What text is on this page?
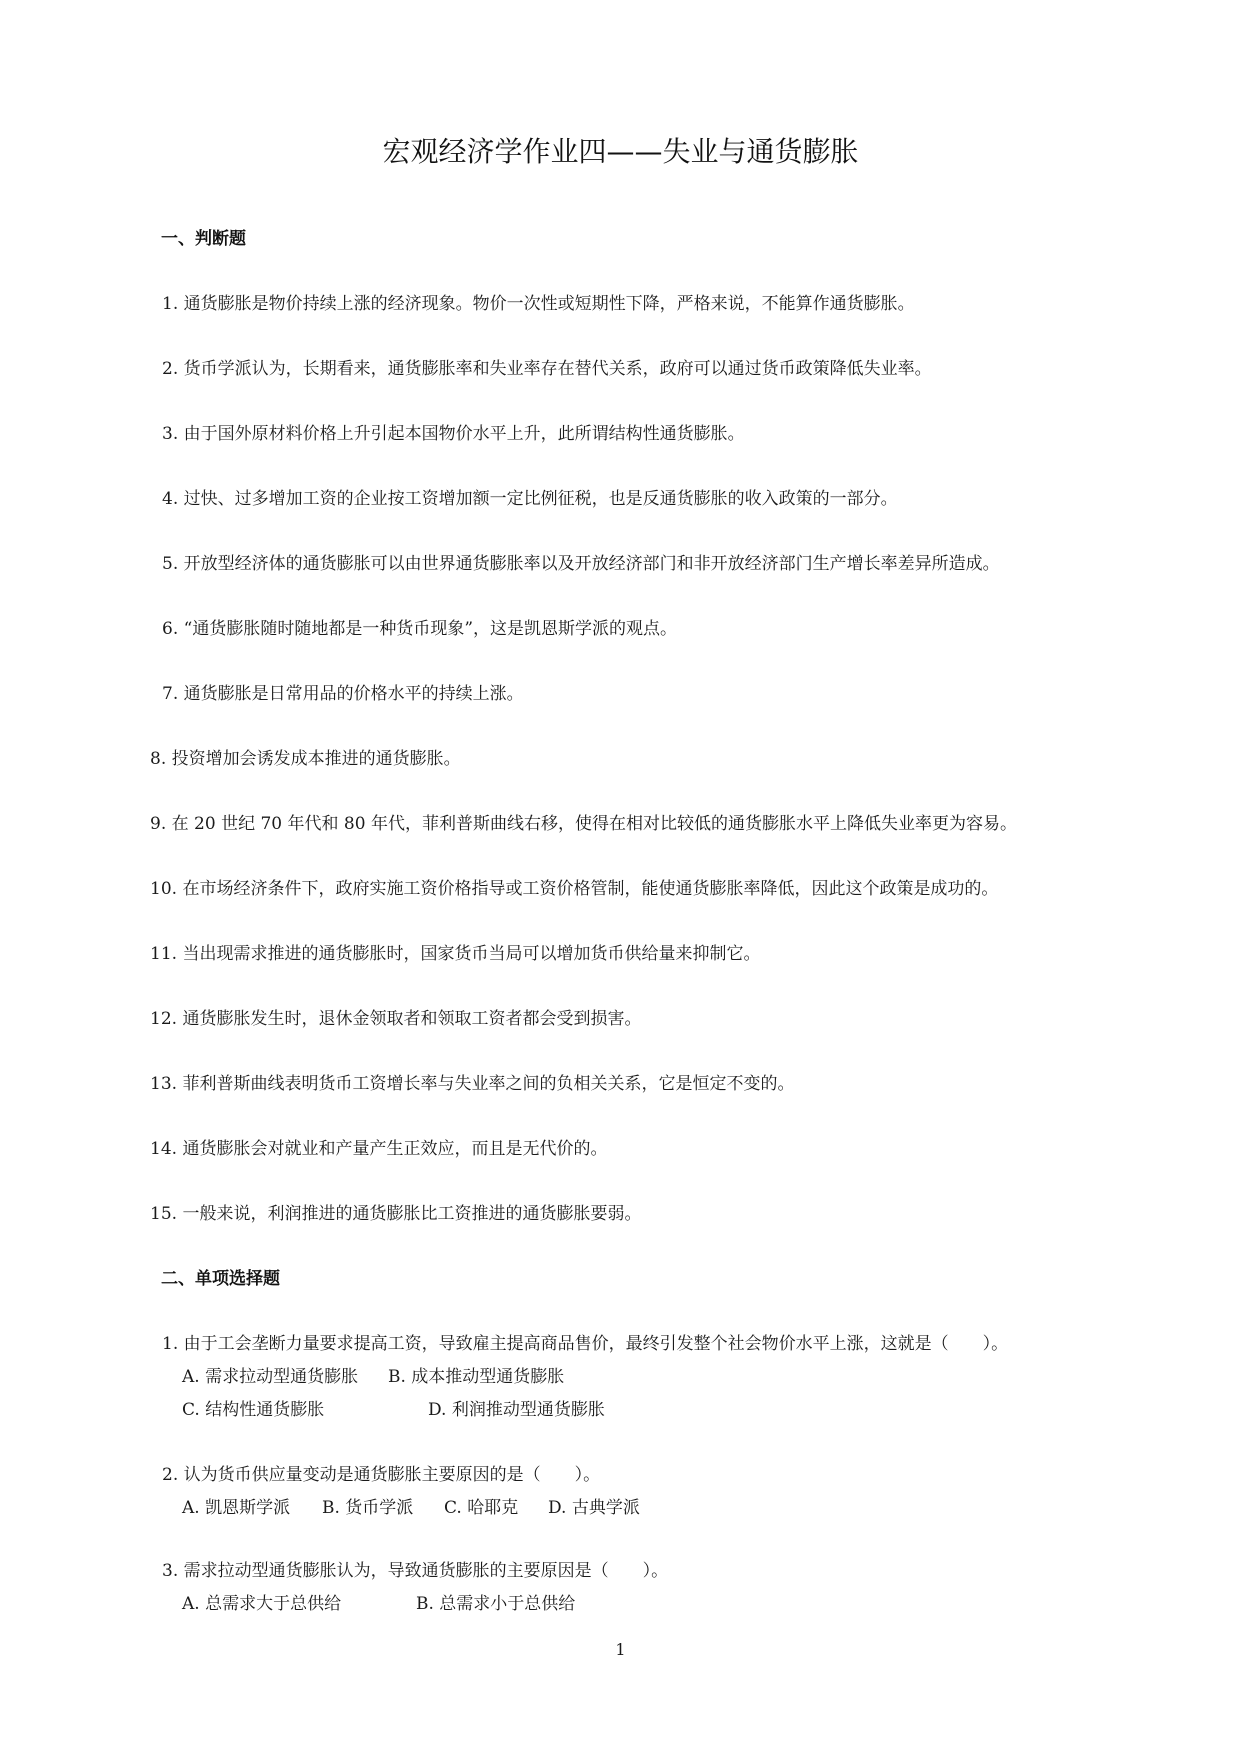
宏观经济学作业四——失业与通货膨胀
一、判断题
1. 通货膨胀是物价持续上涨的经济现象。物价一次性或短期性下降，严格来说，不能算作通货膨胀。
2. 货币学派认为，长期看来，通货膨胀率和失业率存在替代关系，政府可以通过货币政策降低失业率。
3. 由于国外原材料价格上升引起本国物价水平上升，此所谓结构性通货膨胀。
4. 过快、过多增加工资的企业按工资增加额一定比例征税，也是反通货膨胀的收入政策的一部分。
5. 开放型经济体的通货膨胀可以由世界通货膨胀率以及开放经济部门和非开放经济部门生产增长率差异所造成。
6. “通货膨胀随时随地都是一种货币现象”，这是凯恩斯学派的观点。
7. 通货膨胀是日常用品的价格水平的持续上涨。
8. 投资增加会诱发成本推进的通货膨胀。
9. 在 20 世纪 70 年代和 80 年代，菲利普斯曲线右移，使得在相对比较低的通货膨胀水平上降低失业率更为容易。
10. 在市场经济条件下，政府实施工资价格指导或工资价格管制，能使通货膨胀率降低，因此这个政策是成功的。
11. 当出现需求推进的通货膨胀时，国家货币当局可以增加货币供给量来抑制它。
12. 通货膨胀发生时，退休金领取者和领取工资者都会受到损害。
13. 菲利普斯曲线表明货币工资增长率与失业率之间的负相关关系，它是恒定不变的。
14. 通货膨胀会对就业和产量产生正效应，而且是无代价的。
15. 一般来说，利润推进的通货膨胀比工资推进的通货膨胀要弱。
二、单项选择题
1. 由于工会垄断力量要求提高工资，导致雇主提高商品售价，最终引发整个社会物价水平上涨，这就是（　　）。
A. 需求拉动型通货膨胀 B. 成本推动型通货膨胀
C. 结构性通货膨胀	D. 利润推动型通货膨胀
2. 认为货币供应量变动是通货膨胀主要原因的是（　　）。
A. 凯恩斯学派 B. 货币学派 C. 哈耶克 D. 古典学派
3. 需求拉动型通货膨胀认为，导致通货膨胀的主要原因是（　　）。
A. 总需求大于总供给	B. 总需求小于总供给
1
